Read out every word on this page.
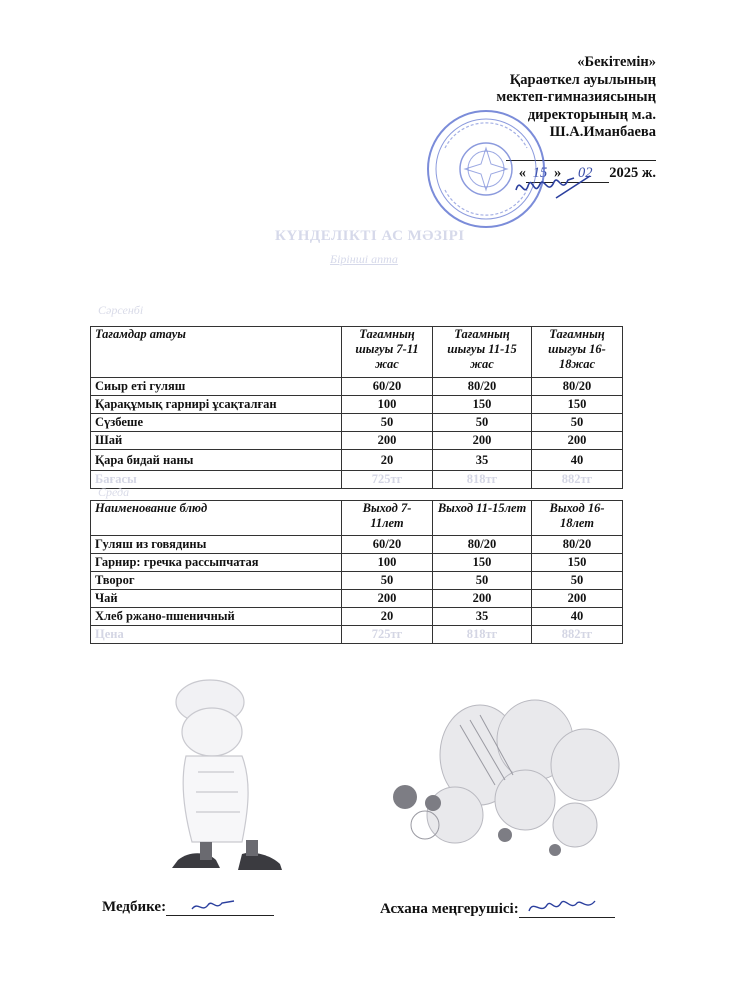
«Бекітемін»
Қараөткел ауылының
мектеп-гимназиясының
директорының м.а.
Ш.А.Иманбаева

« 15 » 02 2025 ж.
КҮНДЕЛІКТІ АС МӘЗІРІ
Бірінші апта
Сәрсенбі
Тағамдар атауы	Тағамның шығуы 7-11 жас	Тағамның шығуы 11-15 жас	Тағамның шығуы 16-18жас
Сиыр еті гуляш	60/20	80/20	80/20
Қарақұмық гарнирі ұсақталған	100	150	150
Сүзбеше	50	50	50
Шай	200	200	200
Қара бидай наны	20	35	40
Бағасы	725тг	818тг	882тг
Среда
Наименование блюд	Выход 7-11лет	Выход 11-15лет	Выход 16-18лет
Гуляш из говядины	60/20	80/20	80/20
Гарнир: гречка рассыпчатая	100	150	150
Творог	50	50	50
Чай	200	200	200
Хлеб ржано-пшеничный	20	35	40
Цена	725тг	818тг	882тг
Медбике:	Асхана меңгерушісі:
